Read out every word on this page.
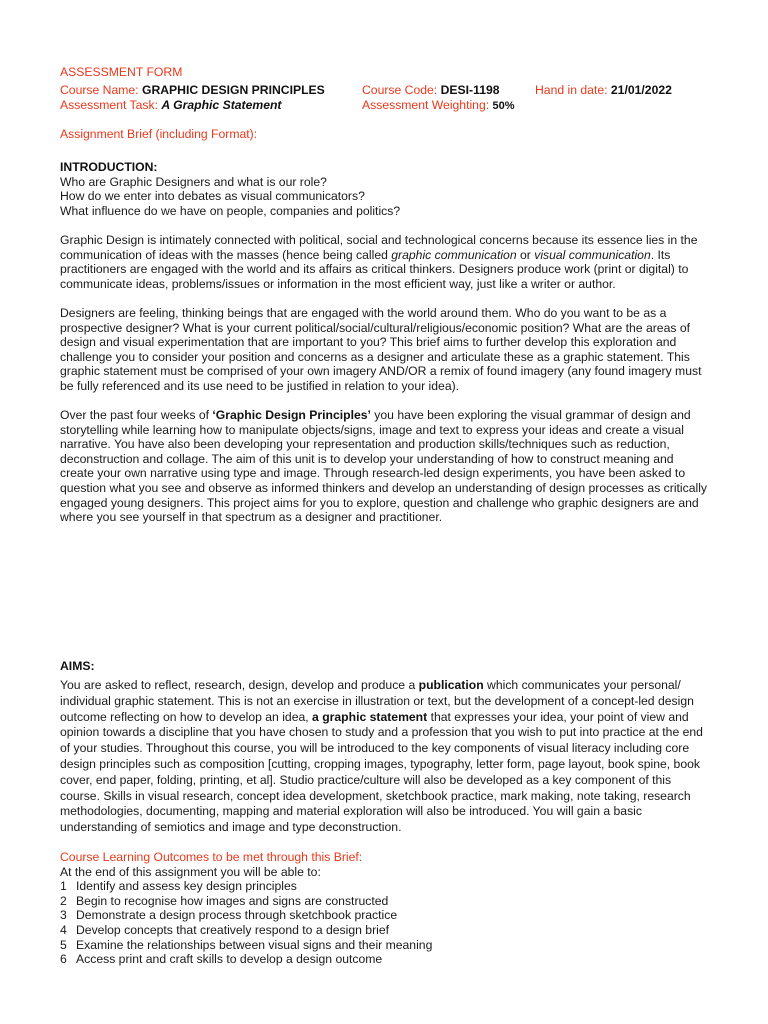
ASSESSMENT FORM
Course Name: GRAPHIC DESIGN PRINCIPLES	Course Code: DESI-1198	Hand in date: 21/01/2022
Assessment Task: A Graphic Statement	Assessment Weighting: 50%
Assignment Brief (including Format):

INTRODUCTION:

Who are Graphic Designers and what is our role?

How do we enter into debates as visual communicators?

What influence do we have on people, companies and politics?

Graphic Design is intimately connected with political, social and technological concerns because its essence lies in the communication of ideas with the masses (hence being called graphic communication or visual communication. Its practitioners are engaged with the world and its affairs as critical thinkers. Designers produce work (print or digital) to communicate ideas, problems/issues or information in the most efficient way, just like a writer or author.

Designers are feeling, thinking beings that are engaged with the world around them. Who do you want to be as a prospective designer? What is your current political/social/cultural/religious/economic position? What are the areas of design and visual experimentation that are important to you? This brief aims to further develop this exploration and challenge you to consider your position and concerns as a designer and articulate these as a graphic statement. This graphic statement must be comprised of your own imagery AND/OR a remix of found imagery (any found imagery must be fully referenced and its use need to be justified in relation to your idea).

Over the past four weeks of ‘Graphic Design Principles’ you have been exploring the visual grammar of design and storytelling while learning how to manipulate objects/signs, image and text to express your ideas and create a visual narrative. You have also been developing your representation and production skills/techniques such as reduction, deconstruction and collage. The aim of this unit is to develop your understanding of how to construct meaning and create your own narrative using type and image. Through research-led design experiments, you have been asked to question what you see and observe as informed thinkers and develop an understanding of design processes as critically engaged young designers. This project aims for you to explore, question and challenge who graphic designers are and where you see yourself in that spectrum as a designer and practitioner.

AIMS:

You are asked to reflect, research, design, develop and produce a publication which communicates your personal/ individual graphic statement. This is not an exercise in illustration or text, but the development of a concept-led design outcome reflecting on how to develop an idea, a graphic statement that expresses your idea, your point of view and opinion towards a discipline that you have chosen to study and a profession that you wish to put into practice at the end of your studies. Throughout this course, you will be introduced to the key components of visual literacy including core design principles such as composition [cutting, cropping images, typography, letter form, page layout, book spine, book cover, end paper, folding, printing, et al]. Studio practice/culture will also be developed as a key component of this course. Skills in visual research, concept idea development, sketchbook practice, mark making, note taking, research methodologies, documenting, mapping and material exploration will also be introduced. You will gain a basic understanding of semiotics and image and type deconstruction.

Course Learning Outcomes to be met through this Brief:

At the end of this assignment you will be able to:

1 Identify and assess key design principles
2 Begin to recognise how images and signs are constructed
3 Demonstrate a design process through sketchbook practice
4 Develop concepts that creatively respond to a design brief
5 Examine the relationships between visual signs and their meaning
6 Access print and craft skills to develop a design outcome
